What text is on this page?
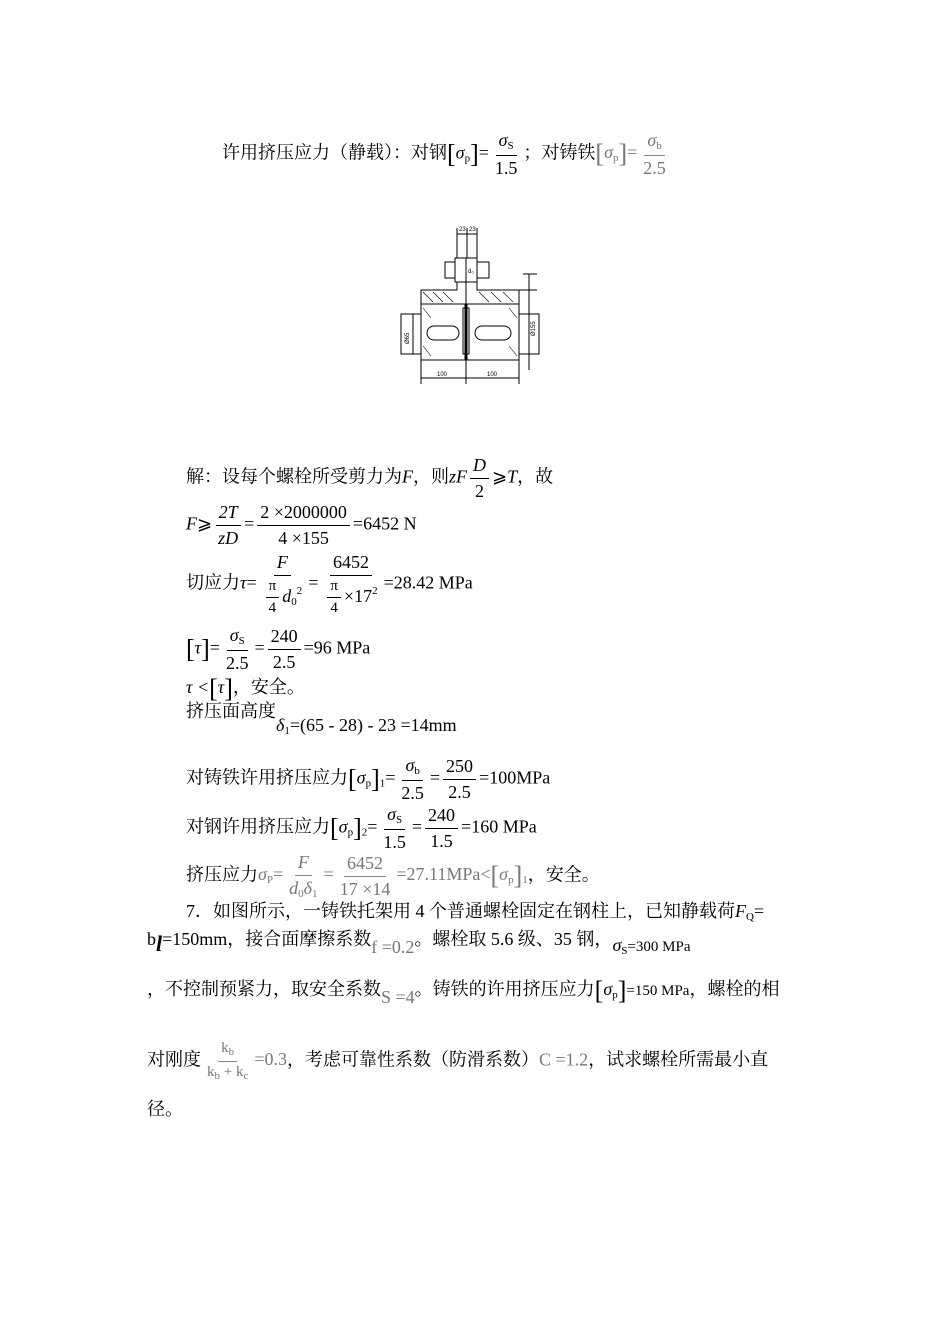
许用挤压应力（静载）：对钢$[\sigma_p]= \frac{\sigma_S}{1.5}$ ；对铸铁$[\sigma_p]= \frac{\sigma_b}{2.5}$
23 23
d₀
Ø65
Ø155
100	100
解：设每个螺栓所受剪力为F，则zF $\frac{D}{2}$ ⩾T，故
F⩾ $\frac{2T}{zD} = \frac{2 \times 2000000}{4 \times 155} =6452$ N
切应力$\tau= \frac{F}{\frac{\pi}{4} d_0^2} = \frac{6452}{\frac{\pi}{4} \times 17^2} =28.42$ MPa
$[\tau]= \frac{\sigma_S}{2.5} = \frac{240}{2.5} =96$ MPa
τ <[τ]，安全。
挤压面高度$\delta_1=(65 - 28) - 23 =14mm$
对铸铁许用挤压应力$[\sigma_p]_1= \frac{\sigma_b}{2.5} = \frac{250}{2.5} =100MPa$
对钢许用挤压应力$[\sigma_p]_2= \frac{\sigma_S}{1.5} = \frac{240}{1.5} =160$ MPa
挤压应力$\sigma_P= \frac{F}{d_0\delta_1} = \frac{6452}{17 \times 14} =27.11MPa<[\sigma_p]_1$，安全。
7．如图所示，一铸铁托架用 4 个普通螺栓固定在钢柱上，已知静载荷$F_Q=$
bl=150mm，接合面摩擦系数f =0.2。螺栓取 5.6 级、35 钢，$\sigma_S=300$ MPa
，不控制预紧力，取安全系数S =4。铸铁的许用挤压应力$[\sigma_p]=150$ MPa，螺栓的相
对刚度 $\frac{k_b}{k_b + k_c} =0.3$，考虑可靠性系数（防滑系数）C =1.2，试求螺栓所需最小直
径。
